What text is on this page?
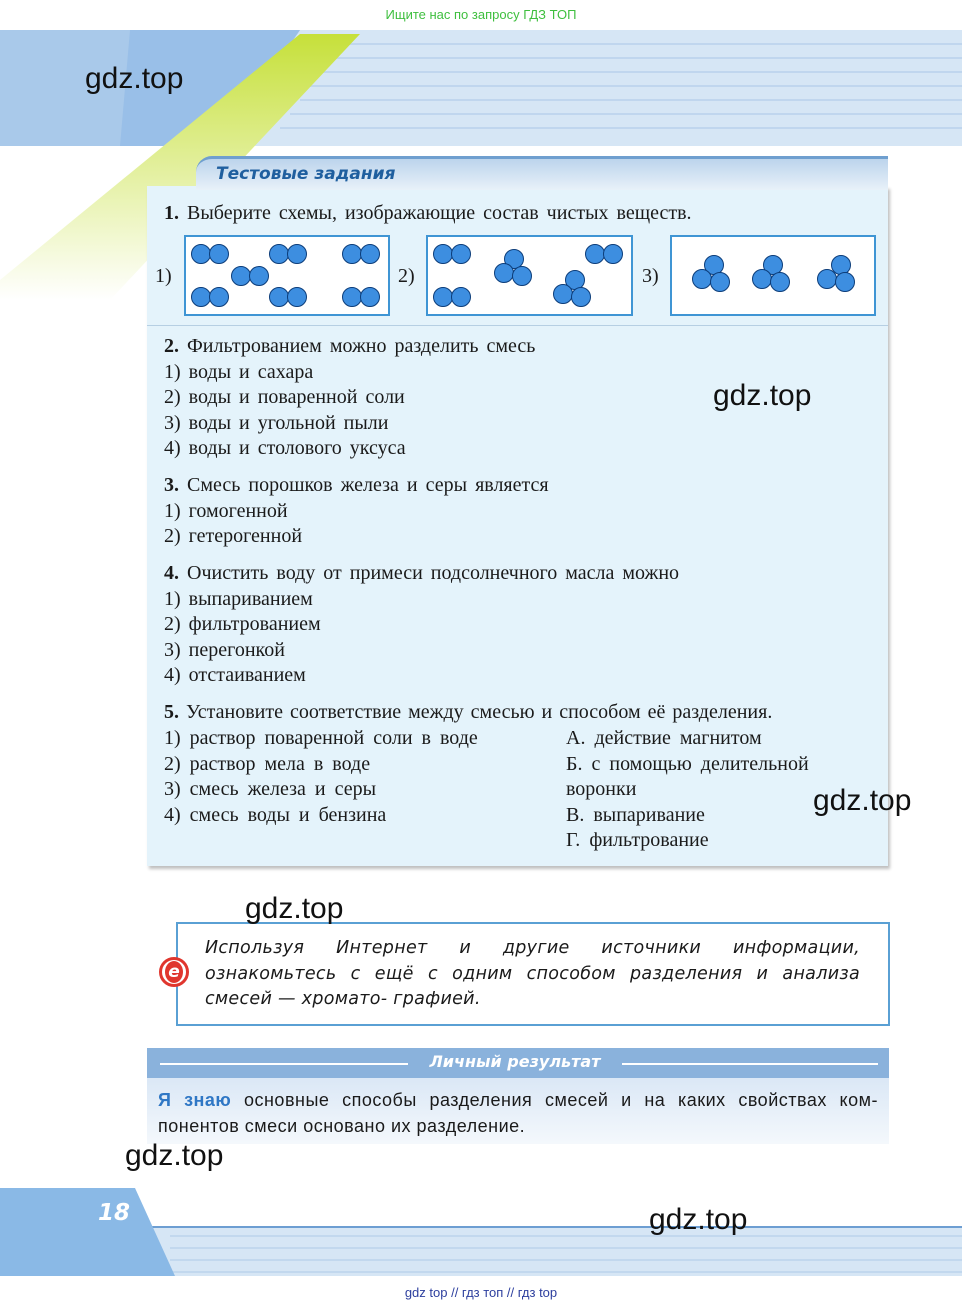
Ищите нас по запросу ГДЗ ТОП
Тестовые задания
1. Выберите схемы, изображающие состав чистых веществ.
1)	2)	3)
2. Фильтрованием можно разделить смесь
1) воды и сахара
2) воды и поваренной соли
3) воды и угольной пыли
4) воды и столового уксуса
3. Смесь порошков железа и серы является
1) гомогенной
2) гетерогенной
4. Очистить воду от примеси подсолнечного масла можно
1) выпариванием
2) фильтрованием
3) перегонкой
4) отстаиванием
5. Установите соответствие между смесью и способом её разделения.
1) раствор поваренной соли в воде
2) раствор мела в воде
3) смесь железа и серы
4) смесь воды и бензина
А. действие магнитом
Б. с помощью делительной
воронки
В. выпаривание
Г. фильтрование
e
Используя Интернет и другие источники информации, ознакомьтесь с ещё с одним способом разделения и анализа смесей — хромато- графией.
Личный результат
Я знаю основные способы разделения смесей и на каких свойствах ком- понентов смеси основано их разделение.
18
gdz top // гдз топ // гдз top
gdz.top
gdz.top
gdz.top
gdz.top
gdz.top
gdz.top
